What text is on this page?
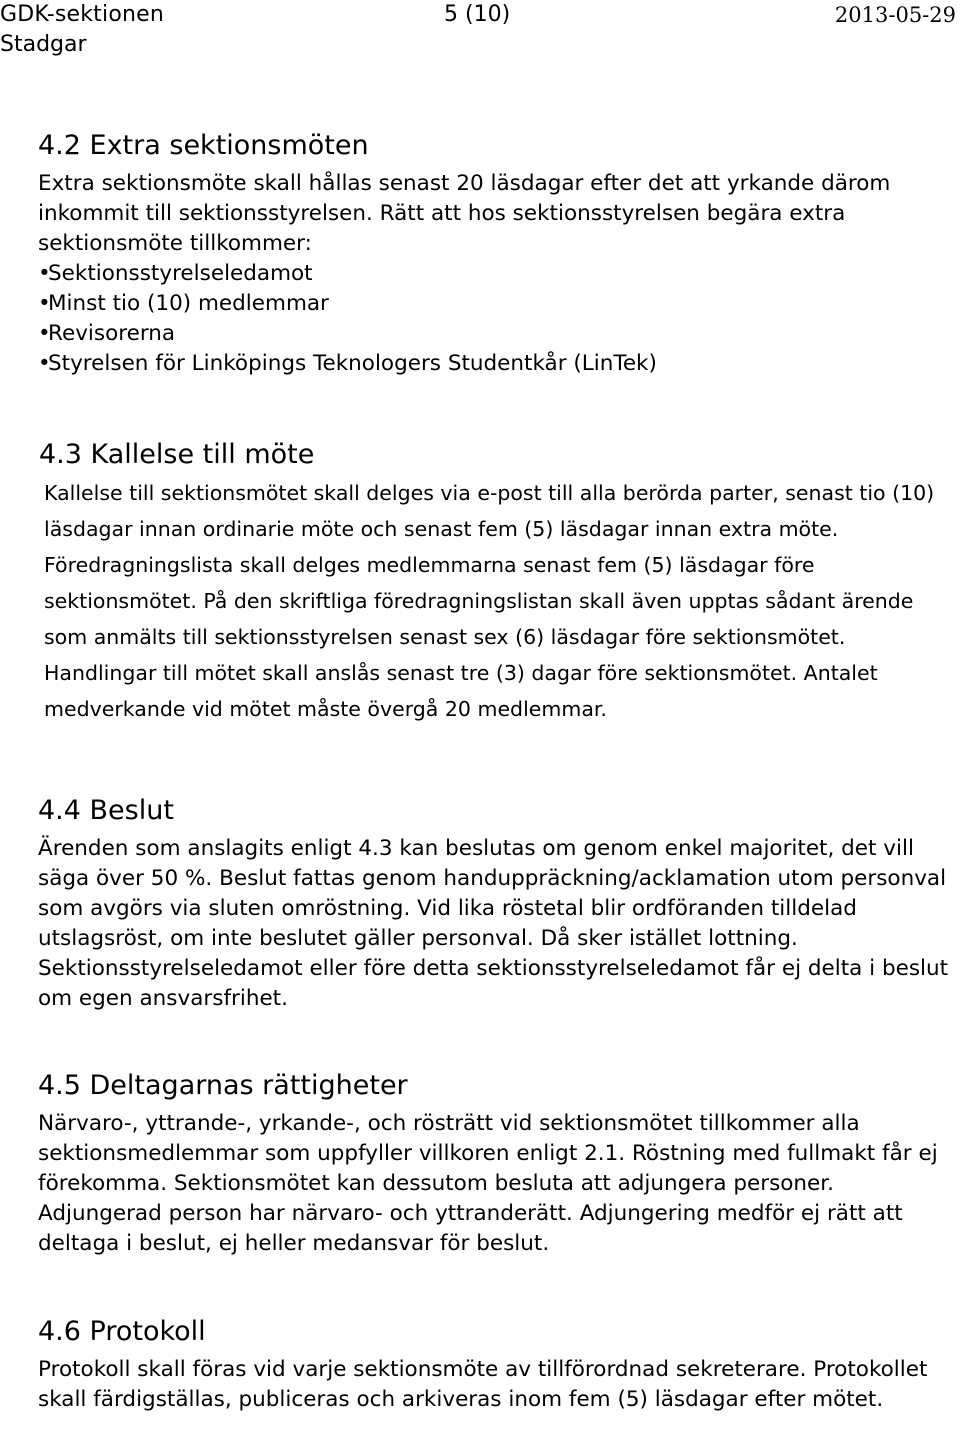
GDK-sektionen
Stadgar
5 (10)	2013-05-29
4.2 Extra sektionsmöten

Extra sektionsmöte skall hållas senast 20 läsdagar efter det att yrkande därom inkommit till sektionsstyrelsen. Rätt att hos sektionsstyrelsen begära extra sektionsmöte tillkommer:

•Sektionsstyrelseledamot
•Minst tio (10) medlemmar
•Revisorerna
•Styrelsen för Linköpings Teknologers Studentkår (LinTek)
4.3 Kallelse till möte

Kallelse till sektionsmötet skall delges via e-post till alla berörda parter, senast tio (10) läsdagar innan ordinarie möte och senast fem (5) läsdagar innan extra möte. Föredragningslista skall delges medlemmarna senast fem (5) läsdagar före sektionsmötet. På den skriftliga föredragningslistan skall även upptas sådant ärende som anmälts till sektionsstyrelsen senast sex (6) läsdagar före sektionsmötet. Handlingar till mötet skall anslås senast tre (3) dagar före sektionsmötet. Antalet medverkande vid mötet måste övergå 20 medlemmar.

4.4 Beslut

Ärenden som anslagits enligt 4.3 kan beslutas om genom enkel majoritet, det vill säga över 50 %. Beslut fattas genom handuppräckning/acklamation utom personval som avgörs via sluten omröstning. Vid lika röstetal blir ordföranden tilldelad utslagsröst, om inte beslutet gäller personval. Då sker istället lottning. Sektionsstyrelseledamot eller före detta sektionsstyrelseledamot får ej delta i beslut om egen ansvarsfrihet.

4.5 Deltagarnas rättigheter

Närvaro-, yttrande-, yrkande-, och rösträtt vid sektionsmötet tillkommer alla sektionsmedlemmar som uppfyller villkoren enligt 2.1. Röstning med fullmakt får ej förekomma. Sektionsmötet kan dessutom besluta att adjungera personer. Adjungerad person har närvaro- och yttranderätt. Adjungering medför ej rätt att deltaga i beslut, ej heller medansvar för beslut.

4.6 Protokoll

Protokoll skall föras vid varje sektionsmöte av tillförordnad sekreterare. Protokollet skall färdigställas, publiceras och arkiveras inom fem (5) läsdagar efter mötet.
